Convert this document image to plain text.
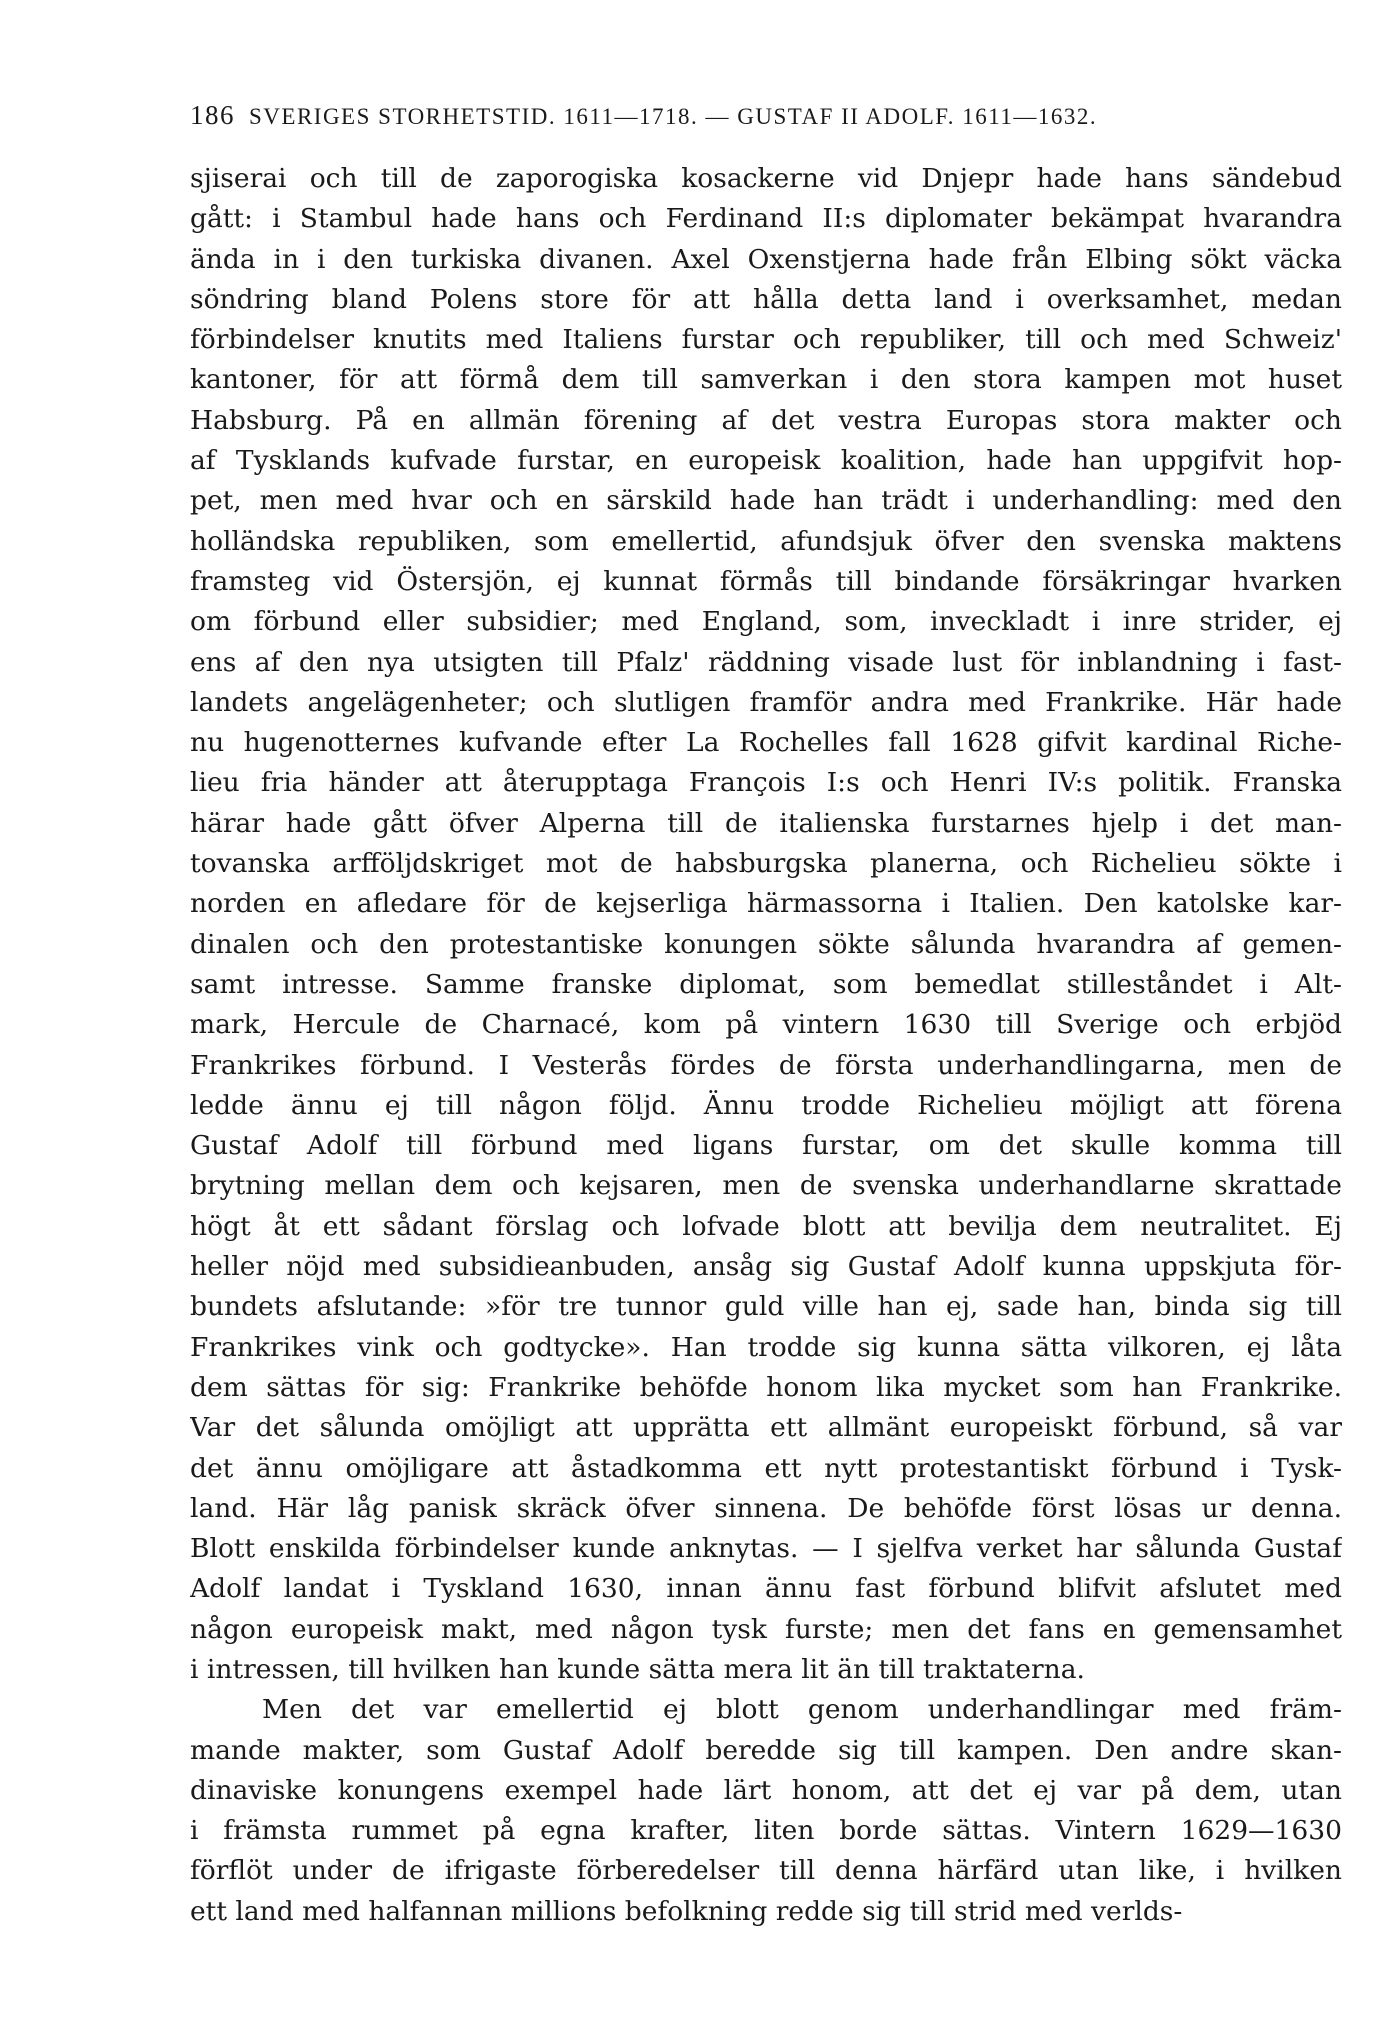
186 SVERIGES STORHETSTID. 1611—1718. — GUSTAF II ADOLF. 1611—1632.
sjiserai och till de zaporogiska kosackerne vid Dnjepr hade hans sändebud
gått: i Stambul hade hans och Ferdinand II:s diplomater bekämpat hvarandra
ända in i den turkiska divanen. Axel Oxenstjerna hade från Elbing sökt väcka
söndring bland Polens store för att hålla detta land i overksamhet, medan
förbindelser knutits med Italiens furstar och republiker, till och med Schweiz'
kantoner, för att förmå dem till samverkan i den stora kampen mot huset
Habsburg. På en allmän förening af det vestra Europas stora makter och
af Tysklands kufvade furstar, en europeisk koalition, hade han uppgifvit hop-
pet, men med hvar och en särskild hade han trädt i underhandling: med den
holländska republiken, som emellertid, afundsjuk öfver den svenska maktens
framsteg vid Östersjön, ej kunnat förmås till bindande försäkringar hvarken
om förbund eller subsidier; med England, som, inveckladt i inre strider, ej
ens af den nya utsigten till Pfalz' räddning visade lust för inblandning i fast-
landets angelägenheter; och slutligen framför andra med Frankrike. Här hade
nu hugenotternes kufvande efter La Rochelles fall 1628 gifvit kardinal Riche-
lieu fria händer att återupptaga François I:s och Henri IV:s politik. Franska
härar hade gått öfver Alperna till de italienska furstarnes hjelp i det man-
tovanska arfföljdskriget mot de habsburgska planerna, och Richelieu sökte i
norden en afledare för de kejserliga härmassorna i Italien. Den katolske kar-
dinalen och den protestantiske konungen sökte sålunda hvarandra af gemen-
samt intresse. Samme franske diplomat, som bemedlat stilleståndet i Alt-
mark, Hercule de Charnacé, kom på vintern 1630 till Sverige och erbjöd
Frankrikes förbund. I Vesterås fördes de första underhandlingarna, men de
ledde ännu ej till någon följd. Ännu trodde Richelieu möjligt att förena
Gustaf Adolf till förbund med ligans furstar, om det skulle komma till
brytning mellan dem och kejsaren, men de svenska underhandlarne skrattade
högt åt ett sådant förslag och lofvade blott att bevilja dem neutralitet. Ej
heller nöjd med subsidieanbuden, ansåg sig Gustaf Adolf kunna uppskjuta för-
bundets afslutande: »för tre tunnor guld ville han ej, sade han, binda sig till
Frankrikes vink och godtycke». Han trodde sig kunna sätta vilkoren, ej låta
dem sättas för sig: Frankrike behöfde honom lika mycket som han Frankrike.
Var det sålunda omöjligt att upprätta ett allmänt europeiskt förbund, så var
det ännu omöjligare att åstadkomma ett nytt protestantiskt förbund i Tysk-
land. Här låg panisk skräck öfver sinnena. De behöfde först lösas ur denna.
Blott enskilda förbindelser kunde anknytas. — I sjelfva verket har sålunda Gustaf
Adolf landat i Tyskland 1630, innan ännu fast förbund blifvit afslutet med
någon europeisk makt, med någon tysk furste; men det fans en gemensamhet
i intressen, till hvilken han kunde sätta mera lit än till traktaterna.
Men det var emellertid ej blott genom underhandlingar med främ-
mande makter, som Gustaf Adolf beredde sig till kampen. Den andre skan-
dinaviske konungens exempel hade lärt honom, att det ej var på dem, utan
i främsta rummet på egna krafter, liten borde sättas. Vintern 1629—1630
förflöt under de ifrigaste förberedelser till denna härfärd utan like, i hvilken
ett land med halfannan millions befolkning redde sig till strid med verlds-
